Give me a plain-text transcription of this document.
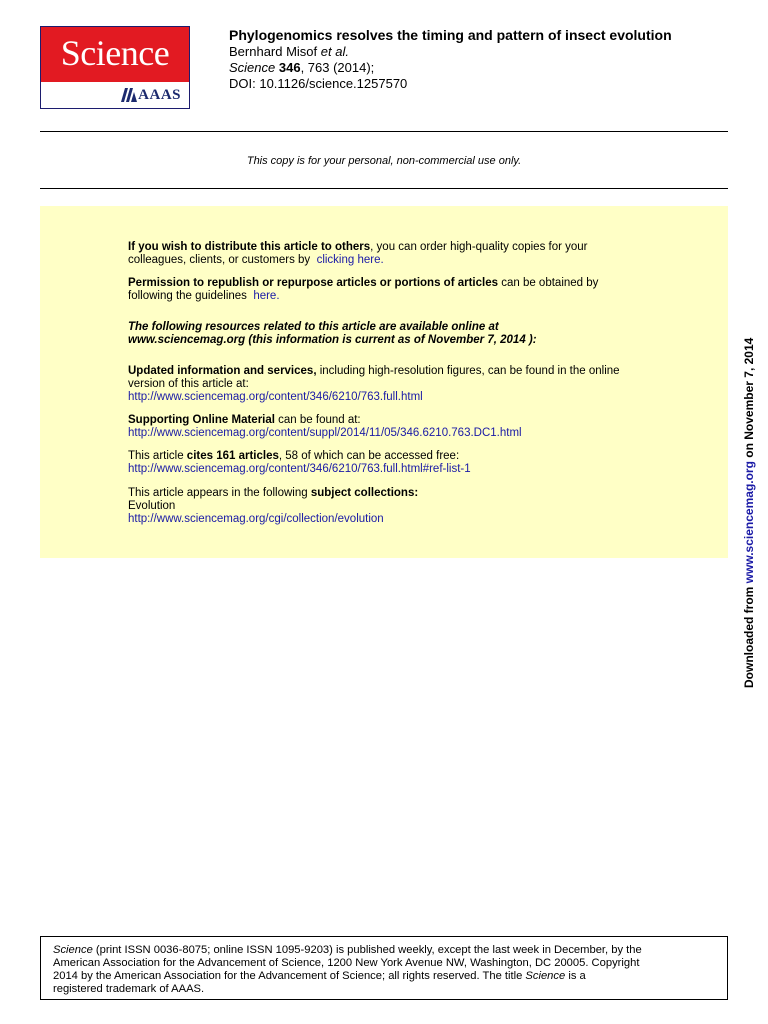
Science
AAAS
Phylogenomics resolves the timing and pattern of insect evolution
Bernhard Misof et al.
Science 346, 763 (2014);
DOI: 10.1126/science.1257570
This copy is for your personal, non-commercial use only.
If you wish to distribute this article to others, you can order high-quality copies for your
colleagues, clients, or customers by clicking here.
Permission to republish or repurpose articles or portions of articles can be obtained by
following the guidelines here.
The following resources related to this article are available online at
www.sciencemag.org (this information is current as of November 7, 2014 ):
Updated information and services, including high-resolution figures, can be found in the online
version of this article at:
http://www.sciencemag.org/content/346/6210/763.full.html
Supporting Online Material can be found at:
http://www.sciencemag.org/content/suppl/2014/11/05/346.6210.763.DC1.html
This article cites 161 articles, 58 of which can be accessed free:
http://www.sciencemag.org/content/346/6210/763.full.html#ref-list-1
This article appears in the following subject collections:
Evolution
http://www.sciencemag.org/cgi/collection/evolution
Downloaded from www.sciencemag.org on November 7, 2014
Science (print ISSN 0036-8075; online ISSN 1095-9203) is published weekly, except the last week in December, by the
American Association for the Advancement of Science, 1200 New York Avenue NW, Washington, DC 20005. Copyright
2014 by the American Association for the Advancement of Science; all rights reserved. The title Science is a
registered trademark of AAAS.
